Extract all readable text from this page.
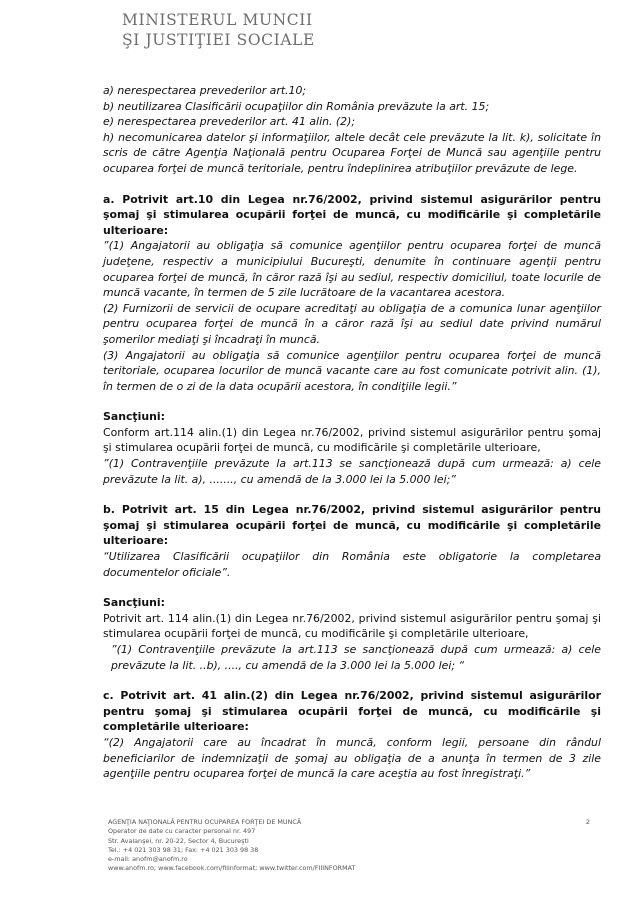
MINISTERUL MUNCII
ŞI JUSTIŢIEI SOCIALE

a) nerespectarea prevederilor art.10;

b) neutilizarea Clasificării ocupaţiilor din România prevăzute la art. 15;

e) nerespectarea prevederilor art. 41 alin. (2);

h) necomunicarea datelor şi informaţiilor, altele decât cele prevăzute la lit. k), solicitate în scris de către Agenţia Naţională pentru Ocuparea Forţei de Muncă sau agenţiile pentru ocuparea forţei de muncă teritoriale, pentru îndeplinirea atribuţiilor prevăzute de lege.

a. Potrivit art.10 din Legea nr.76/2002, privind sistemul asigurărilor pentru şomaj şi stimularea ocupării forţei de muncă, cu modificările şi completările ulterioare:

”(1) Angajatorii au obligaţia să comunice agenţiilor pentru ocuparea forţei de muncă judeţene, respectiv a municipiului Bucureşti, denumite în continuare agenţii pentru ocuparea forţei de muncă, în căror rază îşi au sediul, respectiv domiciliul, toate locurile de muncă vacante, în termen de 5 zile lucrătoare de la vacantarea acestora.

(2) Furnizorii de servicii de ocupare acreditaţi au obligaţia de a comunica lunar agenţiilor pentru ocuparea forţei de muncă în a căror rază îşi au sediul date privind numărul şomerilor mediaţi şi încadraţi în muncă.

(3) Angajatorii au obligaţia să comunice agenţiilor pentru ocuparea forţei de muncă teritoriale, ocuparea locurilor de muncă vacante care au fost comunicate potrivit alin. (1), în termen de o zi de la data ocupării acestora, în condiţiile legii.”

Sancţiuni:

Conform art.114 alin.(1) din Legea nr.76/2002, privind sistemul asigurărilor pentru şomaj şi stimularea ocupării forţei de muncă, cu modificările şi completările ulterioare,

”(1) Contravenţiile prevăzute la art.113 se sancţionează după cum urmează: a) cele prevăzute la lit. a), ......., cu amendă de la 3.000 lei la 5.000 lei;”

b. Potrivit art. 15 din Legea nr.76/2002, privind sistemul asigurărilor pentru şomaj şi stimularea ocupării forţei de muncă, cu modificările şi completările ulterioare:

“Utilizarea Clasificării ocupaţiilor din România este obligatorie la completarea documentelor oficiale”.

Sancţiuni:

Potrivit art. 114 alin.(1) din Legea nr.76/2002, privind sistemul asigurărilor pentru şomaj şi stimularea ocupării forţei de muncă, cu modificările şi completările ulterioare,

”(1) Contravenţiile prevăzute la art.113 se sancţionează după cum urmează: a) cele prevăzute la lit. ..b), ...., cu amendă de la 3.000 lei la 5.000 lei; “

c. Potrivit art. 41 alin.(2) din Legea nr.76/2002, privind sistemul asigurărilor pentru şomaj şi stimularea ocupării forţei de muncă, cu modificările şi completările ulterioare:

“(2) Angajatorii care au încadrat în muncă, conform legii, persoane din rândul beneficiarilor de indemnizaţii de şomaj au obligaţia de a anunţa în termen de 3 zile agenţiile pentru ocuparea forţei de muncă la care aceştia au fost înregistraţi.”

AGENŢIA NAŢIONALĂ PENTRU OCUPAREA FORŢEI DE MUNCĂ
Operator de date cu caracter personal nr. 497
Str. Avalanşei, nr. 20-22, Sector 4, Bucureşti
Tel.: +4 021 303 98 31; Fax: +4 021 303 98 38
e-mail: anofm@anofm.ro
www.anofm.ro; www.facebook.com/fiiinformat; www.twitter.com/FIIINFORMAT
2
